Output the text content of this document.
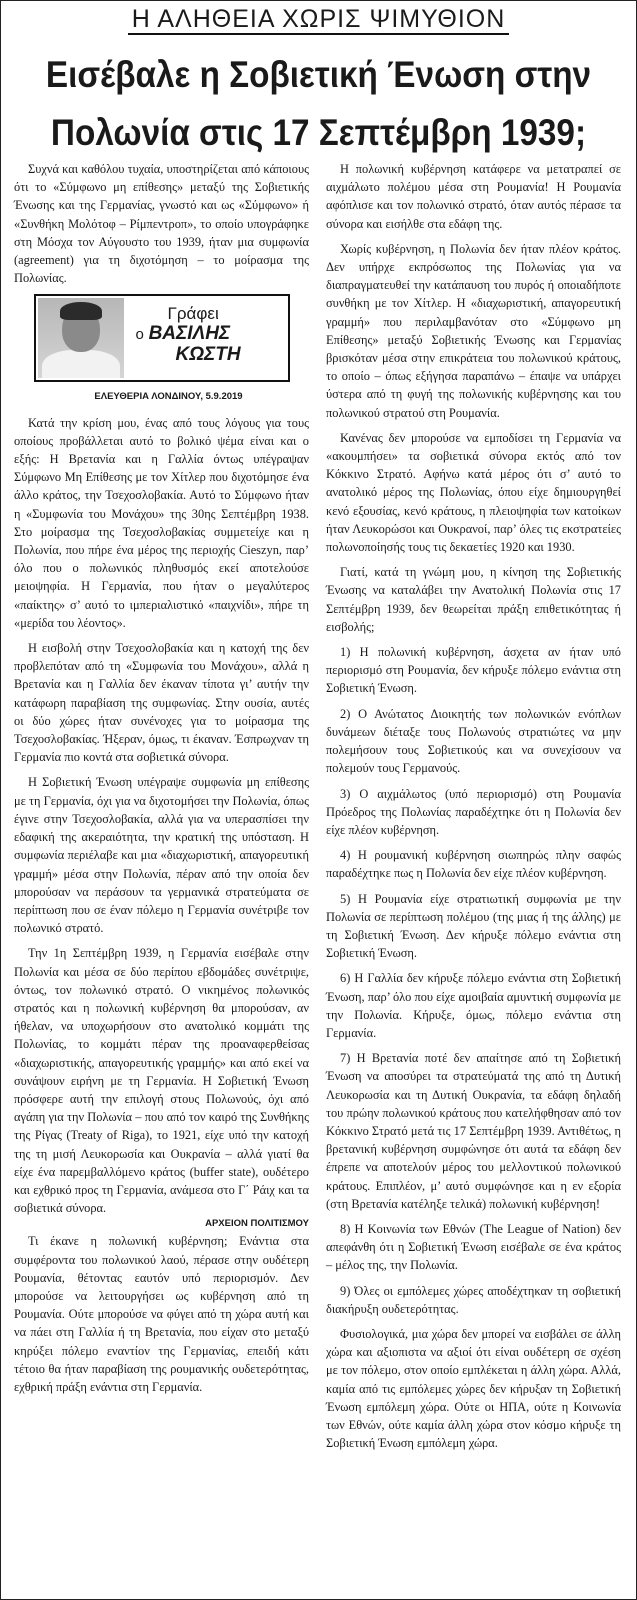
Η ΑΛΗΘΕΙΑ ΧΩΡΙΣ ΨΙΜΥΘΙΟΝ
Εισέβαλε η Σοβιετική Ένωση στην
Πολωνία στις 17 Σεπτέμβρη 1939;

Συχνά και καθόλου τυχαία, υποστηρίζεται από κάποιους ότι το «Σύμφωνο μη επίθεσης» μεταξύ της Σοβιετικής Ένωσης και της Γερμανίας, γνωστό και ως «Σύμφωνο» ή «Συνθήκη Μολότοφ – Ρίμπεντροπ», το οποίο υπογράφηκε στη Μόσχα τον Αύγουστο του 1939, ήταν μια συμφωνία (agreement) για τη διχοτόμηση – το μοίρασμα της Πολωνίας.

Γράφει
ο ΒΑΣΙΛΗΣ
ΚΩΣΤΗ

ΕΛΕΥΘΕΡΙΑ ΛΟΝΔΙΝΟΥ, 5.9.2019

Κατά την κρίση μου, ένας από τους λόγους για τους οποίους προβάλλεται αυτό το βολικό ψέμα είναι και ο εξής: Η Βρετανία και η Γαλλία όντως υπέγραψαν Σύμφωνο Μη Επίθεσης με τον Χίτλερ που διχοτόμησε ένα άλλο κράτος, την Τσεχοσλοβακία. Αυτό το Σύμφωνο ήταν η «Συμφωνία του Μονάχου» της 30ης Σεπτέμβρη 1938. Στο μοίρασμα της Τσεχοσλοβακίας συμμετείχε και η Πολωνία, που πήρε ένα μέρος της περιοχής Cieszyn, παρ’ όλο που ο πολωνικός πληθυσμός εκεί αποτελούσε μειοψηφία. Η Γερμανία, που ήταν ο μεγαλύτερος «παίκτης» σ’ αυτό το ιμπεριαλιστικό «παιχνίδι», πήρε τη «μερίδα του λέοντος».

Η εισβολή στην Τσεχοσλοβακία και η κατοχή της δεν προβλεπόταν από τη «Συμφωνία του Μονάχου», αλλά η Βρετανία και η Γαλλία δεν έκαναν τίποτα γι’ αυτήν την κατάφωρη παραβίαση της συμφωνίας. Στην ουσία, αυτές οι δύο χώρες ήταν συνένοχες για το μοίρασμα της Τσεχοσλοβακίας. Ήξεραν, όμως, τι έκαναν. Έσπρωχναν τη Γερμανία πιο κοντά στα σοβιετικά σύνορα.

Η Σοβιετική Ένωση υπέγραψε συμφωνία μη επίθεσης με τη Γερμανία, όχι για να διχοτομήσει την Πολωνία, όπως έγινε στην Τσεχοσλοβακία, αλλά για να υπερασπίσει την εδαφική της ακεραιότητα, την κρατική της υπόσταση. Η συμφωνία περιέλαβε και μια «διαχωριστική, απαγορευτική γραμμή» μέσα στην Πολωνία, πέραν από την οποία δεν μπορούσαν να περάσουν τα γερμανικά στρατεύματα σε περίπτωση που σε έναν πόλεμο η Γερμανία συνέτριβε τον πολωνικό στρατό.

Την 1η Σεπτέμβρη 1939, η Γερμανία εισέβαλε στην Πολωνία και μέσα σε δύο περίπου εβδομάδες συνέτριψε, όντως, τον πολωνικό στρατό. Ο νικημένος πολωνικός στρατός και η πολωνική κυβέρνηση θα μπορούσαν, αν ήθελαν, να υποχωρήσουν στο ανατολικό κομμάτι της Πολωνίας, το κομμάτι πέραν της προαναφερθείσας «διαχωριστικής, απαγορευτικής γραμμής» και από εκεί να συνάψουν ειρήνη με τη Γερμανία. Η Σοβιετική Ένωση πρόσφερε αυτή την επιλογή στους Πολωνούς, όχι από αγάπη για την Πολωνία – που από τον καιρό της Συνθήκης της Ρίγας (Treaty of Riga), το 1921, είχε υπό την κατοχή της τη μισή Λευκορωσία και Ουκρανία – αλλά γιατί θα είχε ένα παρεμβαλλόμενο κράτος (buffer state), ουδέτερο και εχθρικό προς τη Γερμανία, ανάμεσα στο Γ΄ Ράιχ και τα σοβιετικά σύνορα.

ΑΡΧΕΙΟΝ ΠΟΛΙΤΙΣΜΟΥ

Τι έκανε η πολωνική κυβέρνηση; Ενάντια στα συμφέροντα του πολωνικού λαού, πέρασε στην ουδέτερη Ρουμανία, θέτοντας εαυτόν υπό περιορισμόν. Δεν μπορούσε να λειτουργήσει ως κυβέρνηση από τη Ρουμανία. Ούτε μπορούσε να φύγει από τη χώρα αυτή και να πάει στη Γαλλία ή τη Βρετανία, που είχαν στο μεταξύ κηρύξει πόλεμο εναντίον της Γερμανίας, επειδή κάτι τέτοιο θα ήταν παραβίαση της ρουμανικής ουδετερότητας, εχθρική πράξη ενάντια στη Γερμανία.

Η πολωνική κυβέρνηση κατάφερε να μετατραπεί σε αιχμάλωτο πολέμου μέσα στη Ρουμανία! Η Ρουμανία αφόπλισε και τον πολωνικό στρατό, όταν αυτός πέρασε τα σύνορα και εισήλθε στα εδάφη της.

Χωρίς κυβέρνηση, η Πολωνία δεν ήταν πλέον κράτος. Δεν υπήρχε εκπρόσωπος της Πολωνίας για να διαπραγματευθεί την κατάπαυση του πυρός ή οποιαδήποτε συνθήκη με τον Χίτλερ. Η «διαχωριστική, απαγορευτική γραμμή» που περιλαμβανόταν στο «Σύμφωνο μη Επίθεσης» μεταξύ Σοβιετικής Ένωσης και Γερμανίας βρισκόταν μέσα στην επικράτεια του πολωνικού κράτους, το οποίο – όπως εξήγησα παραπάνω – έπαψε να υπάρχει ύστερα από τη φυγή της πολωνικής κυβέρνησης και του πολωνικού στρατού στη Ρουμανία.

Κανένας δεν μπορούσε να εμποδίσει τη Γερμανία να «ακουμπήσει» τα σοβιετικά σύνορα εκτός από τον Κόκκινο Στρατό. Αφήνω κατά μέρος ότι σ’ αυτό το ανατολικό μέρος της Πολωνίας, όπου είχε δημιουργηθεί κενό εξουσίας, κενό κράτους, η πλειοψηφία των κατοίκων ήταν Λευκορώσοι και Ουκρανοί, παρ’ όλες τις εκστρατείες πολωνοποίησής τους τις δεκαετίες 1920 και 1930.

Γιατί, κατά τη γνώμη μου, η κίνηση της Σοβιετικής Ένωσης να καταλάβει την Ανατολική Πολωνία στις 17 Σεπτέμβρη 1939, δεν θεωρείται πράξη επιθετικότητας ή εισβολής;

1) Η πολωνική κυβέρνηση, άσχετα αν ήταν υπό περιορισμό στη Ρουμανία, δεν κήρυξε πόλεμο ενάντια στη Σοβιετική Ένωση.

2) Ο Ανώτατος Διοικητής των πολωνικών ενόπλων δυνάμεων διέταξε τους Πολωνούς στρατιώτες να μην πολεμήσουν τους Σοβιετικούς και να συνεχίσουν να πολεμούν τους Γερμανούς.

3) Ο αιχμάλωτος (υπό περιορισμό) στη Ρουμανία Πρόεδρος της Πολωνίας παραδέχτηκε ότι η Πολωνία δεν είχε πλέον κυβέρνηση.

4) Η ρουμανική κυβέρνηση σιωπηρώς πλην σαφώς παραδέχτηκε πως η Πολωνία δεν είχε πλέον κυβέρνηση.

5) Η Ρουμανία είχε στρατιωτική συμφωνία με την Πολωνία σε περίπτωση πολέμου (της μιας ή της άλλης) με τη Σοβιετική Ένωση. Δεν κήρυξε πόλεμο ενάντια στη Σοβιετική Ένωση.

6) Η Γαλλία δεν κήρυξε πόλεμο ενάντια στη Σοβιετική Ένωση, παρ’ όλο που είχε αμοιβαία αμυντική συμφωνία με την Πολωνία. Κήρυξε, όμως, πόλεμο ενάντια στη Γερμανία.

7) Η Βρετανία ποτέ δεν απαίτησε από τη Σοβιετική Ένωση να αποσύρει τα στρατεύματά της από τη Δυτική Λευκορωσία και τη Δυτική Ουκρανία, τα εδάφη δηλαδή του πρώην πολωνικού κράτους που κατελήφθησαν από τον Κόκκινο Στρατό μετά τις 17 Σεπτέμβρη 1939. Αντιθέτως, η βρετανική κυβέρνηση συμφώνησε ότι αυτά τα εδάφη δεν έπρεπε να αποτελούν μέρος του μελλοντικού πολωνικού κράτους. Επιπλέον, μ’ αυτό συμφώνησε και η εν εξορία (στη Βρετανία κατέληξε τελικά) πολωνική κυβέρνηση!

8) Η Κοινωνία των Εθνών (The League of Nation) δεν απεφάνθη ότι η Σοβιετική Ένωση εισέβαλε σε ένα κράτος – μέλος της, την Πολωνία.

9) Όλες οι εμπόλεμες χώρες αποδέχτηκαν τη σοβιετική διακήρυξη ουδετερότητας.

Φυσιολογικά, μια χώρα δεν μπορεί να εισβάλει σε άλλη χώρα και αξιοπιστα να αξιοί ότι είναι ουδέτερη σε σχέση με τον πόλεμο, στον οποίο εμπλέκεται η άλλη χώρα. Αλλά, καμία από τις εμπόλεμες χώρες δεν κήρυξαν τη Σοβιετική Ένωση εμπόλεμη χώρα. Ούτε οι ΗΠΑ, ούτε η Κοινωνία των Εθνών, ούτε καμία άλλη χώρα στον κόσμο κήρυξε τη Σοβιετική Ένωση εμπόλεμη χώρα.
